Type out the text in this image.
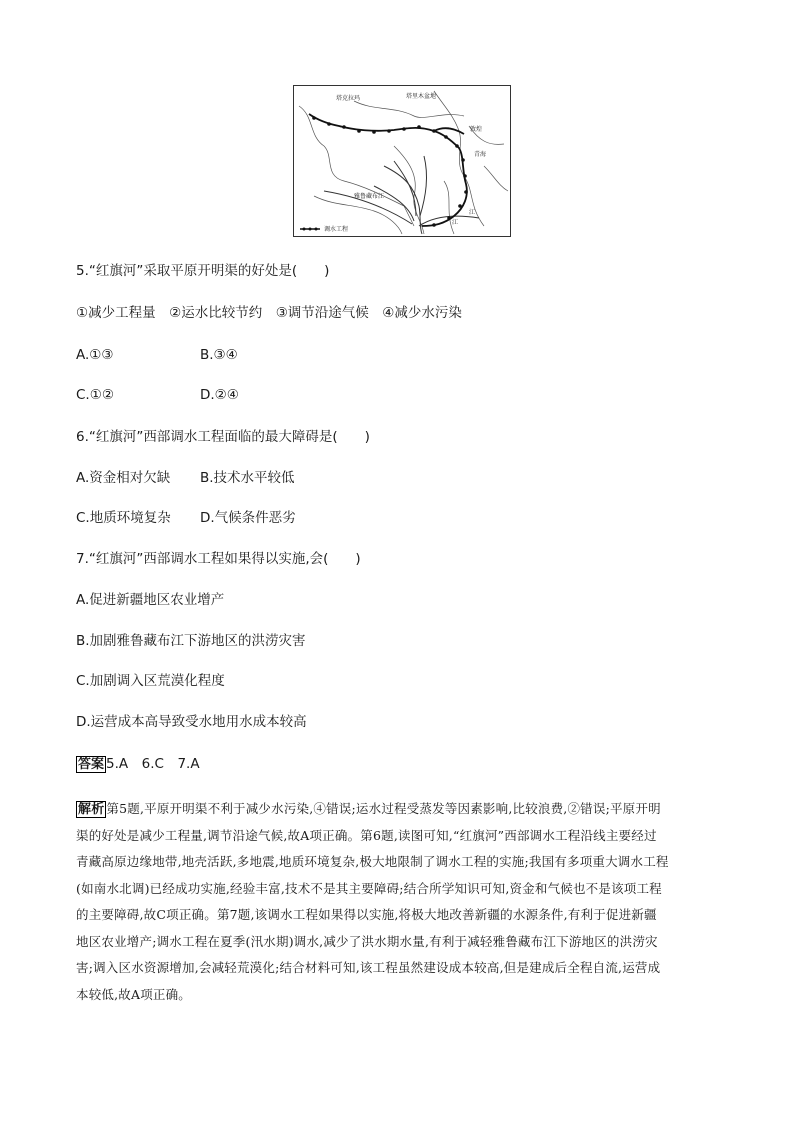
塔克拉玛	塔里木盆地
敦煌
青海
雅鲁藏布江
江
江
调水工程
5.“红旗河”采取平原开明渠的好处是(　　)
①减少工程量　②运水比较节约　③调节沿途气候　④减少水污染
A.①③	B.③④
C.①②	D.②④
6.“红旗河”西部调水工程面临的最大障碍是(　　)
A.资金相对欠缺 B.技术水平较低
C.地质环境复杂 D.气候条件恶劣
7.“红旗河”西部调水工程如果得以实施,会(　　)
A.促进新疆地区农业增产
B.加剧雅鲁藏布江下游地区的洪涝灾害
C.加剧调入区荒漠化程度
D.运营成本高导致受水地用水成本较高
答案 5.A　6.C　7.A
解析 第5题,平原开明渠不利于减少水污染,④错误;运水过程受蒸发等因素影响,比较浪费,②错误;平原开明
渠的好处是减少工程量,调节沿途气候,故A项正确。第6题,读图可知,“红旗河”西部调水工程沿线主要经过
青藏高原边缘地带,地壳活跃,多地震,地质环境复杂,极大地限制了调水工程的实施;我国有多项重大调水工程
(如南水北调)已经成功实施,经验丰富,技术不是其主要障碍;结合所学知识可知,资金和气候也不是该项工程
的主要障碍,故C项正确。第7题,该调水工程如果得以实施,将极大地改善新疆的水源条件,有利于促进新疆
地区农业增产;调水工程在夏季(汛水期)调水,减少了洪水期水量,有利于减轻雅鲁藏布江下游地区的洪涝灾
害;调入区水资源增加,会减轻荒漠化;结合材料可知,该工程虽然建设成本较高,但是建成后全程自流,运营成
本较低,故A项正确。
